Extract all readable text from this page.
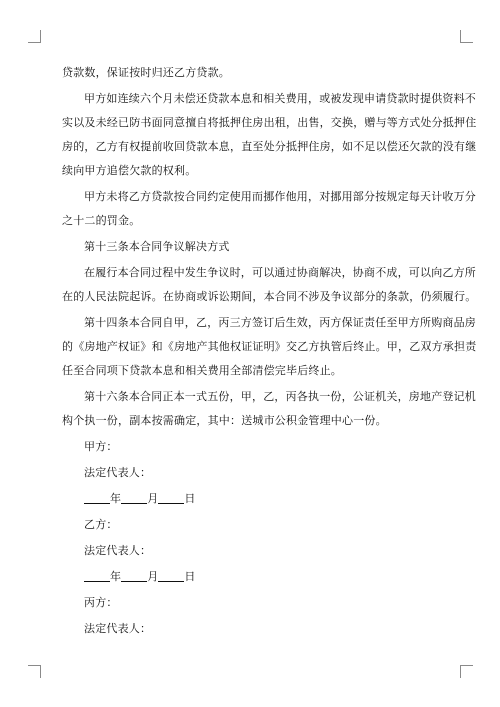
贷款数，保证按时归还乙方贷款。

甲方如连续六个月未偿还贷款本息和相关费用，或被发现申请贷款时提供资料不

实以及未经已防书面同意擅自将抵押住房出租，出售，交换，赠与等方式处分抵押住

房的，乙方有权提前收回贷款本息，直至处分抵押住房，如不足以偿还欠款的没有继

续向甲方追偿欠款的权利。

甲方未将乙方贷款按合同约定使用而挪作他用，对挪用部分按规定每天计收万分

之十二的罚金。

第十三条本合同争议解决方式

在履行本合同过程中发生争议时，可以通过协商解决，协商不成，可以向乙方所

在的人民法院起诉。在协商或诉讼期间，本合同不涉及争议部分的条款，仍须履行。

第十四条本合同自甲，乙，丙三方签订后生效，丙方保证责任至甲方所购商品房

的《房地产权证》和《房地产其他权证证明》交乙方执管后终止。甲，乙双方承担责

任至合同项下贷款本息和相关费用全部清偿完毕后终止。

第十六条本合同正本一式五份，甲，乙，丙各执一份，公证机关，房地产登记机

构个执一份，副本按需确定，其中：送城市公积金管理中心一份。

甲方：

法定代表人：

年 月 日

乙方：

法定代表人：

年 月 日

丙方：

法定代表人：
